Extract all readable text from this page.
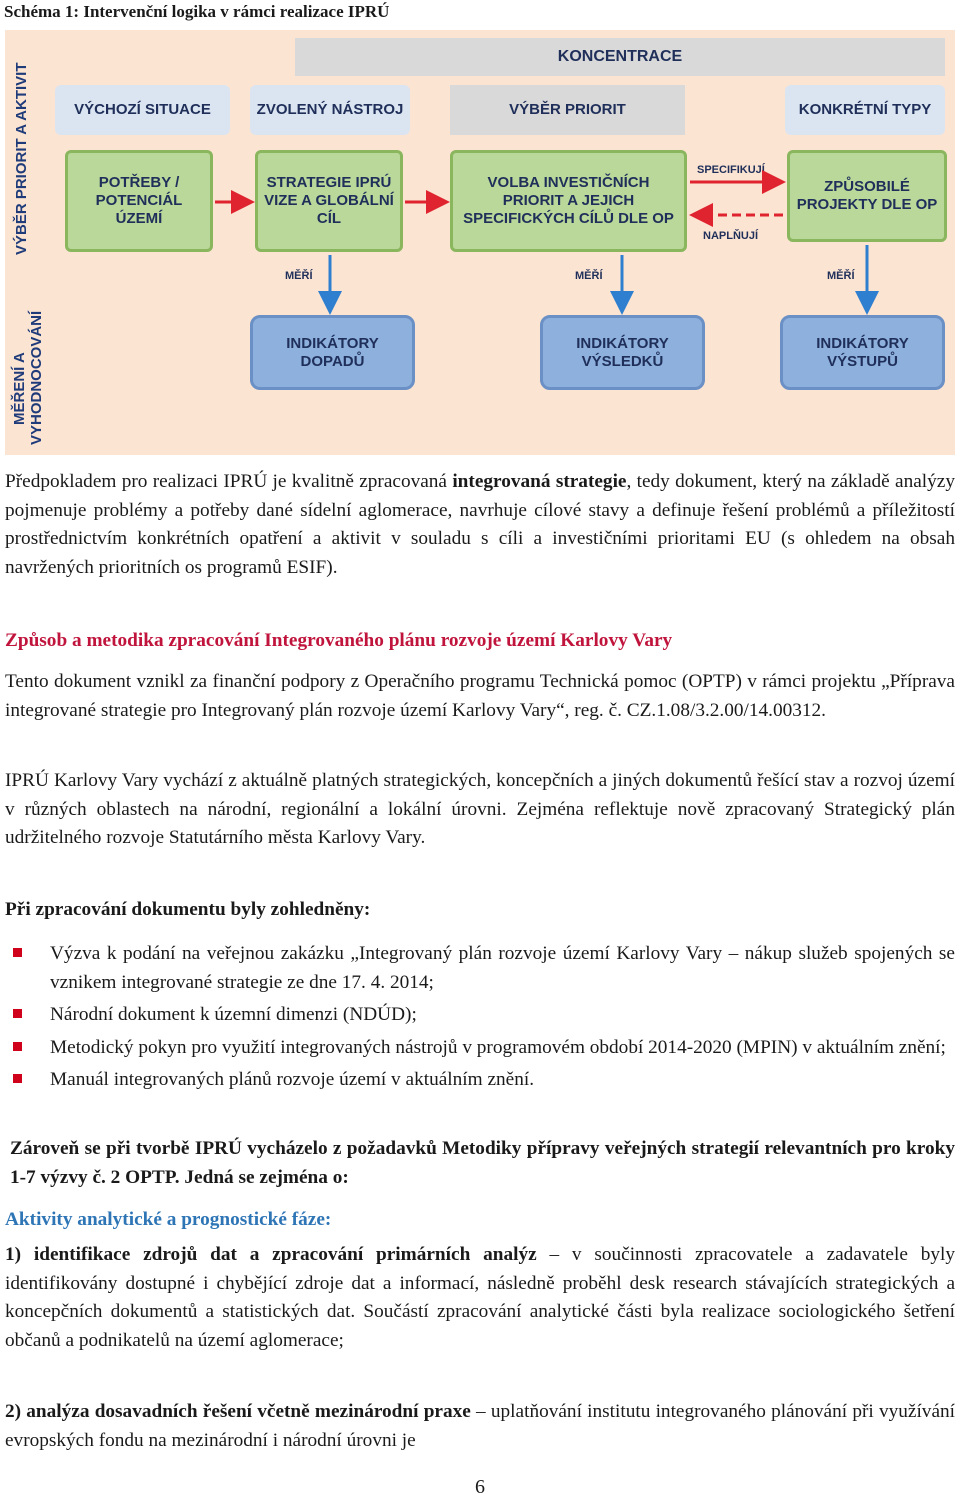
Schéma 1: Intervenční logika v rámci realizace IPRÚ
VÝBĚR PRIORIT A AKTIVIT
MĚŘENÍ A VYHODNOCOVÁNÍ
KONCENTRACE
VÝCHOZÍ SITUACE	ZVOLENÝ NÁSTROJ	VÝBĚR PRIORIT	KONKRÉTNÍ TYPY
POTŘEBY / POTENCIÁL ÚZEMÍ
STRATEGIE IPRÚ VIZE A GLOBÁLNÍ CÍL
VOLBA INVESTIČNÍCH PRIORIT A JEJICH SPECIFICKÝCH CÍLŮ DLE OP
ZPŮSOBILÉ PROJEKTY DLE OP
SPECIFIKUJÍ
NAPLŇUJÍ
MĚŘÍ	MĚŘÍ	MĚŘÍ
INDIKÁTORY DOPADŮ
INDIKÁTORY VÝSLEDKŮ
INDIKÁTORY VÝSTUPŮ
Předpokladem pro realizaci IPRÚ je kvalitně zpracovaná integrovaná strategie, tedy dokument, který na základě analýzy pojmenuje problémy a potřeby dané sídelní aglomerace, navrhuje cílové stavy a definuje řešení problémů a příležitostí prostřednictvím konkrétních opatření a aktivit v souladu s cíli a investičními prioritami EU (s ohledem na obsah navržených prioritních os programů ESIF).
Způsob a metodika zpracování Integrovaného plánu rozvoje území Karlovy Vary
Tento dokument vznikl za finanční podpory z Operačního programu Technická pomoc (OPTP) v rámci projektu „Příprava integrované strategie pro Integrovaný plán rozvoje území Karlovy Vary“, reg. č. CZ.1.08/3.2.00/14.00312.
IPRÚ Karlovy Vary vychází z aktuálně platných strategických, koncepčních a jiných dokumentů řešící stav a rozvoj území v různých oblastech na národní, regionální a lokální úrovni. Zejména reflektuje nově zpracovaný Strategický plán udržitelného rozvoje Statutárního města Karlovy Vary.
Při zpracování dokumentu byly zohledněny:
Výzva k podání na veřejnou zakázku „Integrovaný plán rozvoje území Karlovy Vary – nákup služeb spojených se vznikem integrované strategie ze dne 17. 4. 2014;
Národní dokument k územní dimenzi (NDÚD);
Metodický pokyn pro využití integrovaných nástrojů v programovém období 2014-2020 (MPIN) v aktuálním znění;
Manuál integrovaných plánů rozvoje území v aktuálním znění.
Zároveň se při tvorbě IPRÚ vycházelo z požadavků Metodiky přípravy veřejných strategií relevantních pro kroky 1-7 výzvy č. 2 OPTP. Jedná se zejména o:
Aktivity analytické a prognostické fáze:
1) identifikace zdrojů dat a zpracování primárních analýz – v součinnosti zpracovatele a zadavatele byly identifikovány dostupné i chybějící zdroje dat a informací, následně proběhl desk research stávajících strategických a koncepčních dokumentů a statistických dat. Součástí zpracování analytické části byla realizace sociologického šetření občanů a podnikatelů na území aglomerace;
2) analýza dosavadních řešení včetně mezinárodní praxe – uplatňování institutu integrovaného plánování při využívání evropských fondu na mezinárodní i národní úrovni je
6
